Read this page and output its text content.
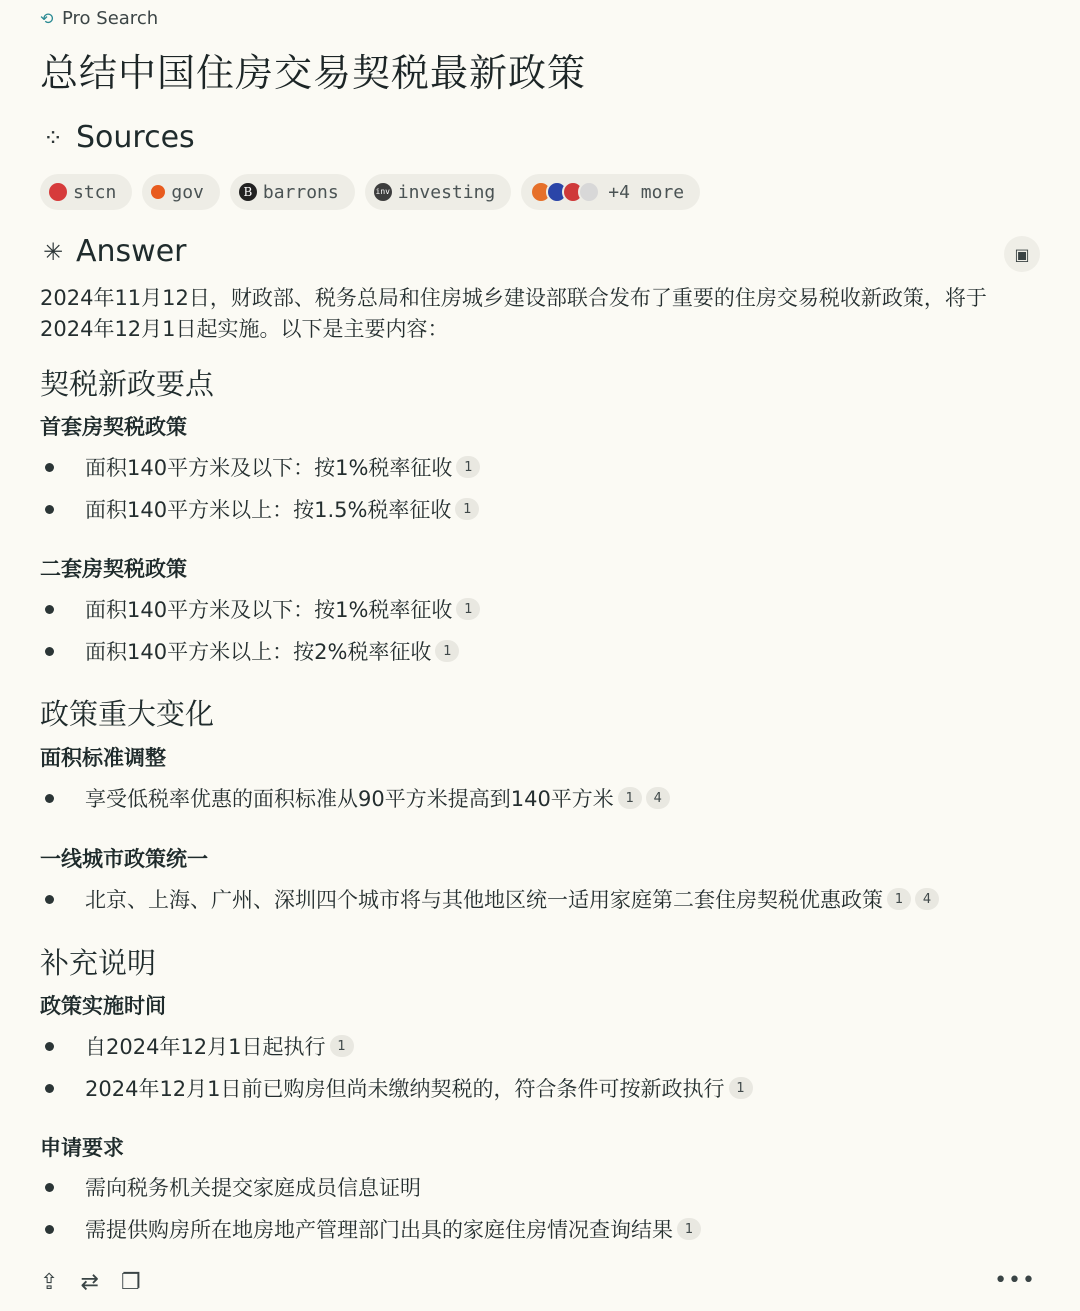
⟲ Pro Search
总结中国住房交易契税最新政策
⁘ Sources
stcn	gov	B barrons	inv investing	+4 more
✳ Answer	▣
2024年11月12日，财政部、税务总局和住房城乡建设部联合发布了重要的住房交易税收新政策，将于2024年12月1日起实施。以下是主要内容：
契税新政要点
首套房契税政策
面积140平方米及以下：按1%税率征收 1
面积140平方米以上：按1.5%税率征收 1
二套房契税政策
面积140平方米及以下：按1%税率征收 1
面积140平方米以上：按2%税率征收 1
政策重大变化
面积标准调整
享受低税率优惠的面积标准从90平方米提高到140平方米 1	4
一线城市政策统一
北京、上海、广州、深圳四个城市将与其他地区统一适用家庭第二套住房契税优惠政策 1	4
补充说明
政策实施时间
自2024年12月1日起执行 1
2024年12月1日前已购房但尚未缴纳契税的，符合条件可按新政执行 1
申请要求
需向税务机关提交家庭成员信息证明
需提供购房所在地房地产管理部门出具的家庭住房情况查询结果 1
⇪ ⇄ ❐	•••
